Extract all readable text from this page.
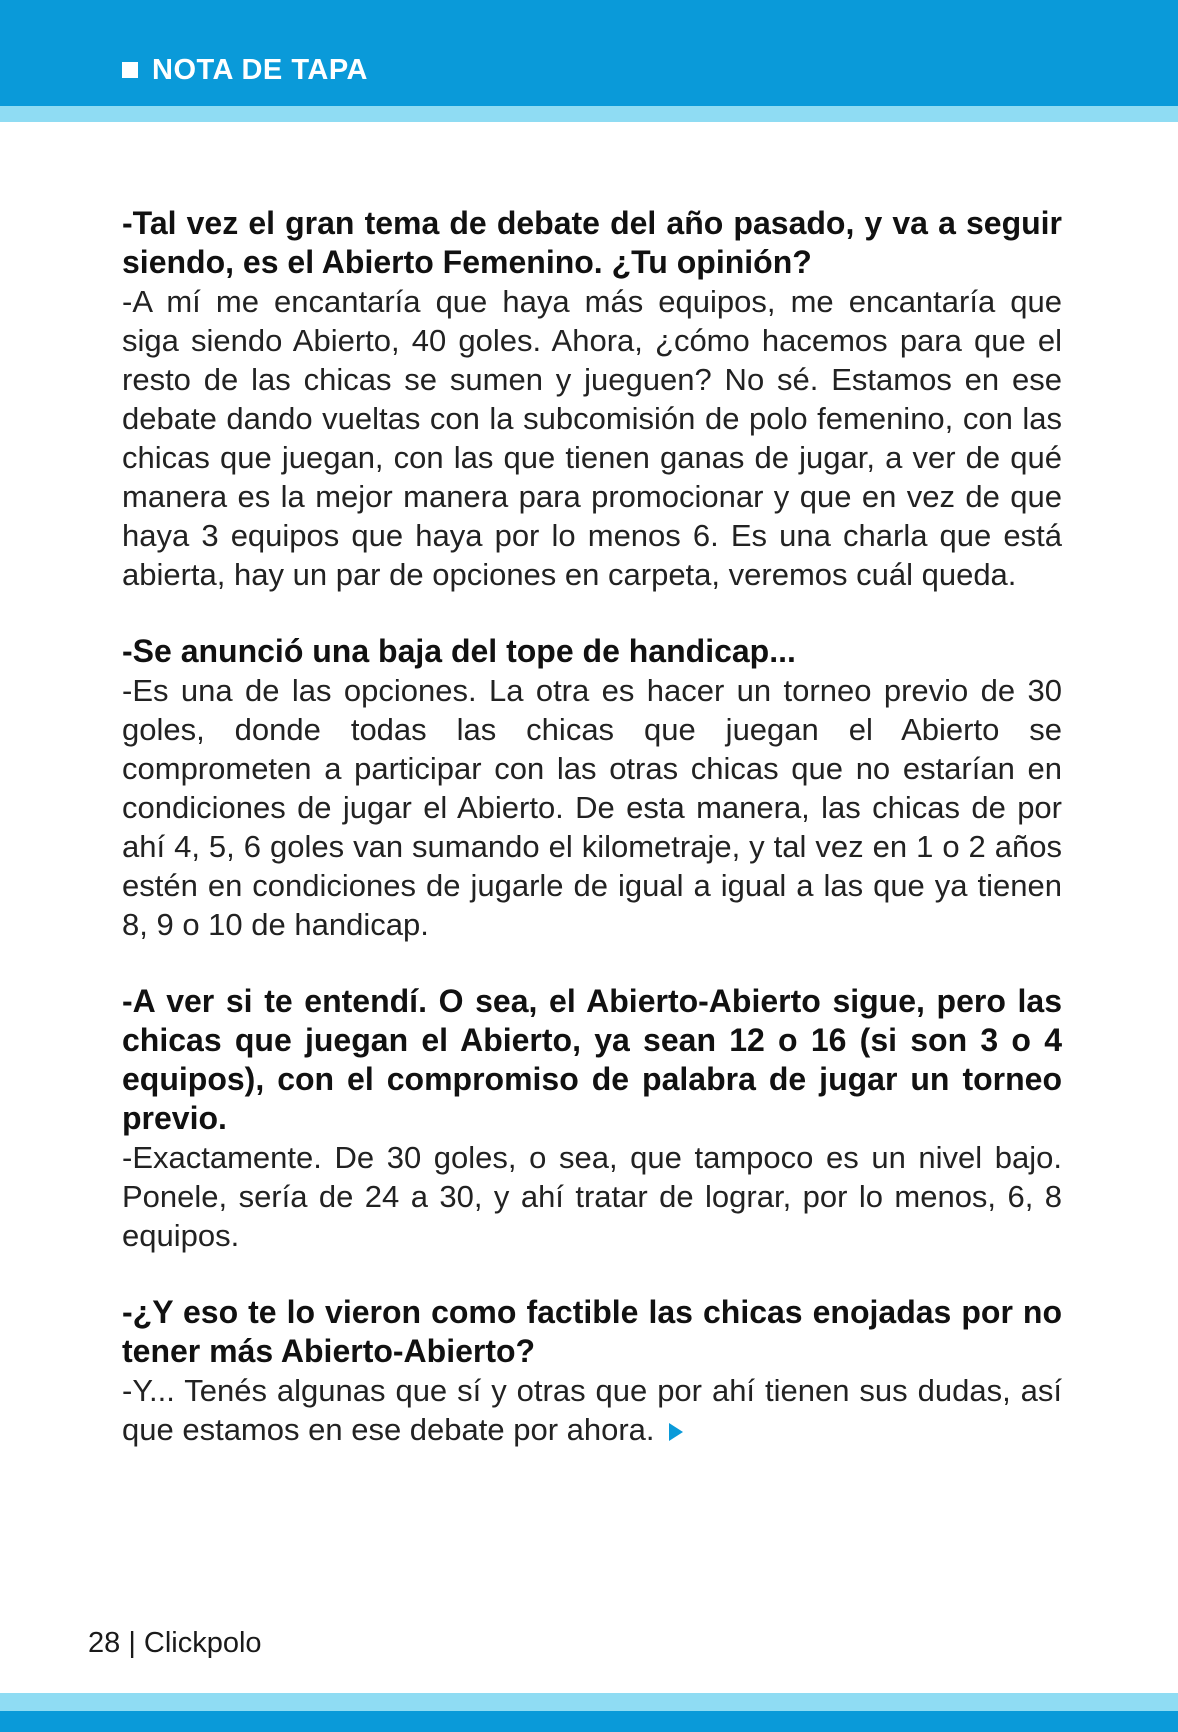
NOTA DE TAPA

-Tal vez el gran tema de debate del año pasado, y va a seguir siendo, es el Abierto Femenino. ¿Tu opinión?

-A mí me encantaría que haya más equipos, me encantaría que siga siendo Abierto, 40 goles. Ahora, ¿cómo hacemos para que el resto de las chicas se sumen y jueguen? No sé. Estamos en ese debate dando vueltas con la subcomisión de polo femenino, con las chicas que juegan, con las que tienen ganas de jugar, a ver de qué manera es la mejor manera para promocionar y que en vez de que haya 3 equipos que haya por lo menos 6. Es una charla que está abierta, hay un par de opciones en carpeta, veremos cuál queda.

-Se anunció una baja del tope de handicap...

-Es una de las opciones. La otra es hacer un torneo previo de 30 goles, donde todas las chicas que juegan el Abierto se comprometen a participar con las otras chicas que no estarían en condiciones de jugar el Abierto. De esta manera, las chicas de por ahí 4, 5, 6 goles van sumando el kilometraje, y tal vez en 1 o 2 años estén en condiciones de jugarle de igual a igual a las que ya tienen 8, 9 o 10 de handicap.

-A ver si te entendí. O sea, el Abierto-Abierto sigue, pero las chicas que juegan el Abierto, ya sean 12 o 16 (si son 3 o 4 equipos), con el compromiso de palabra de jugar un torneo previo.

-Exactamente. De 30 goles, o sea, que tampoco es un nivel bajo. Ponele, sería de 24 a 30, y ahí tratar de lograr, por lo menos, 6, 8 equipos.

-¿Y eso te lo vieron como factible las chicas enojadas por no tener más Abierto-Abierto?

-Y... Tenés algunas que sí y otras que por ahí tienen sus dudas, así que estamos en ese debate por ahora.

28 | Clickpolo
